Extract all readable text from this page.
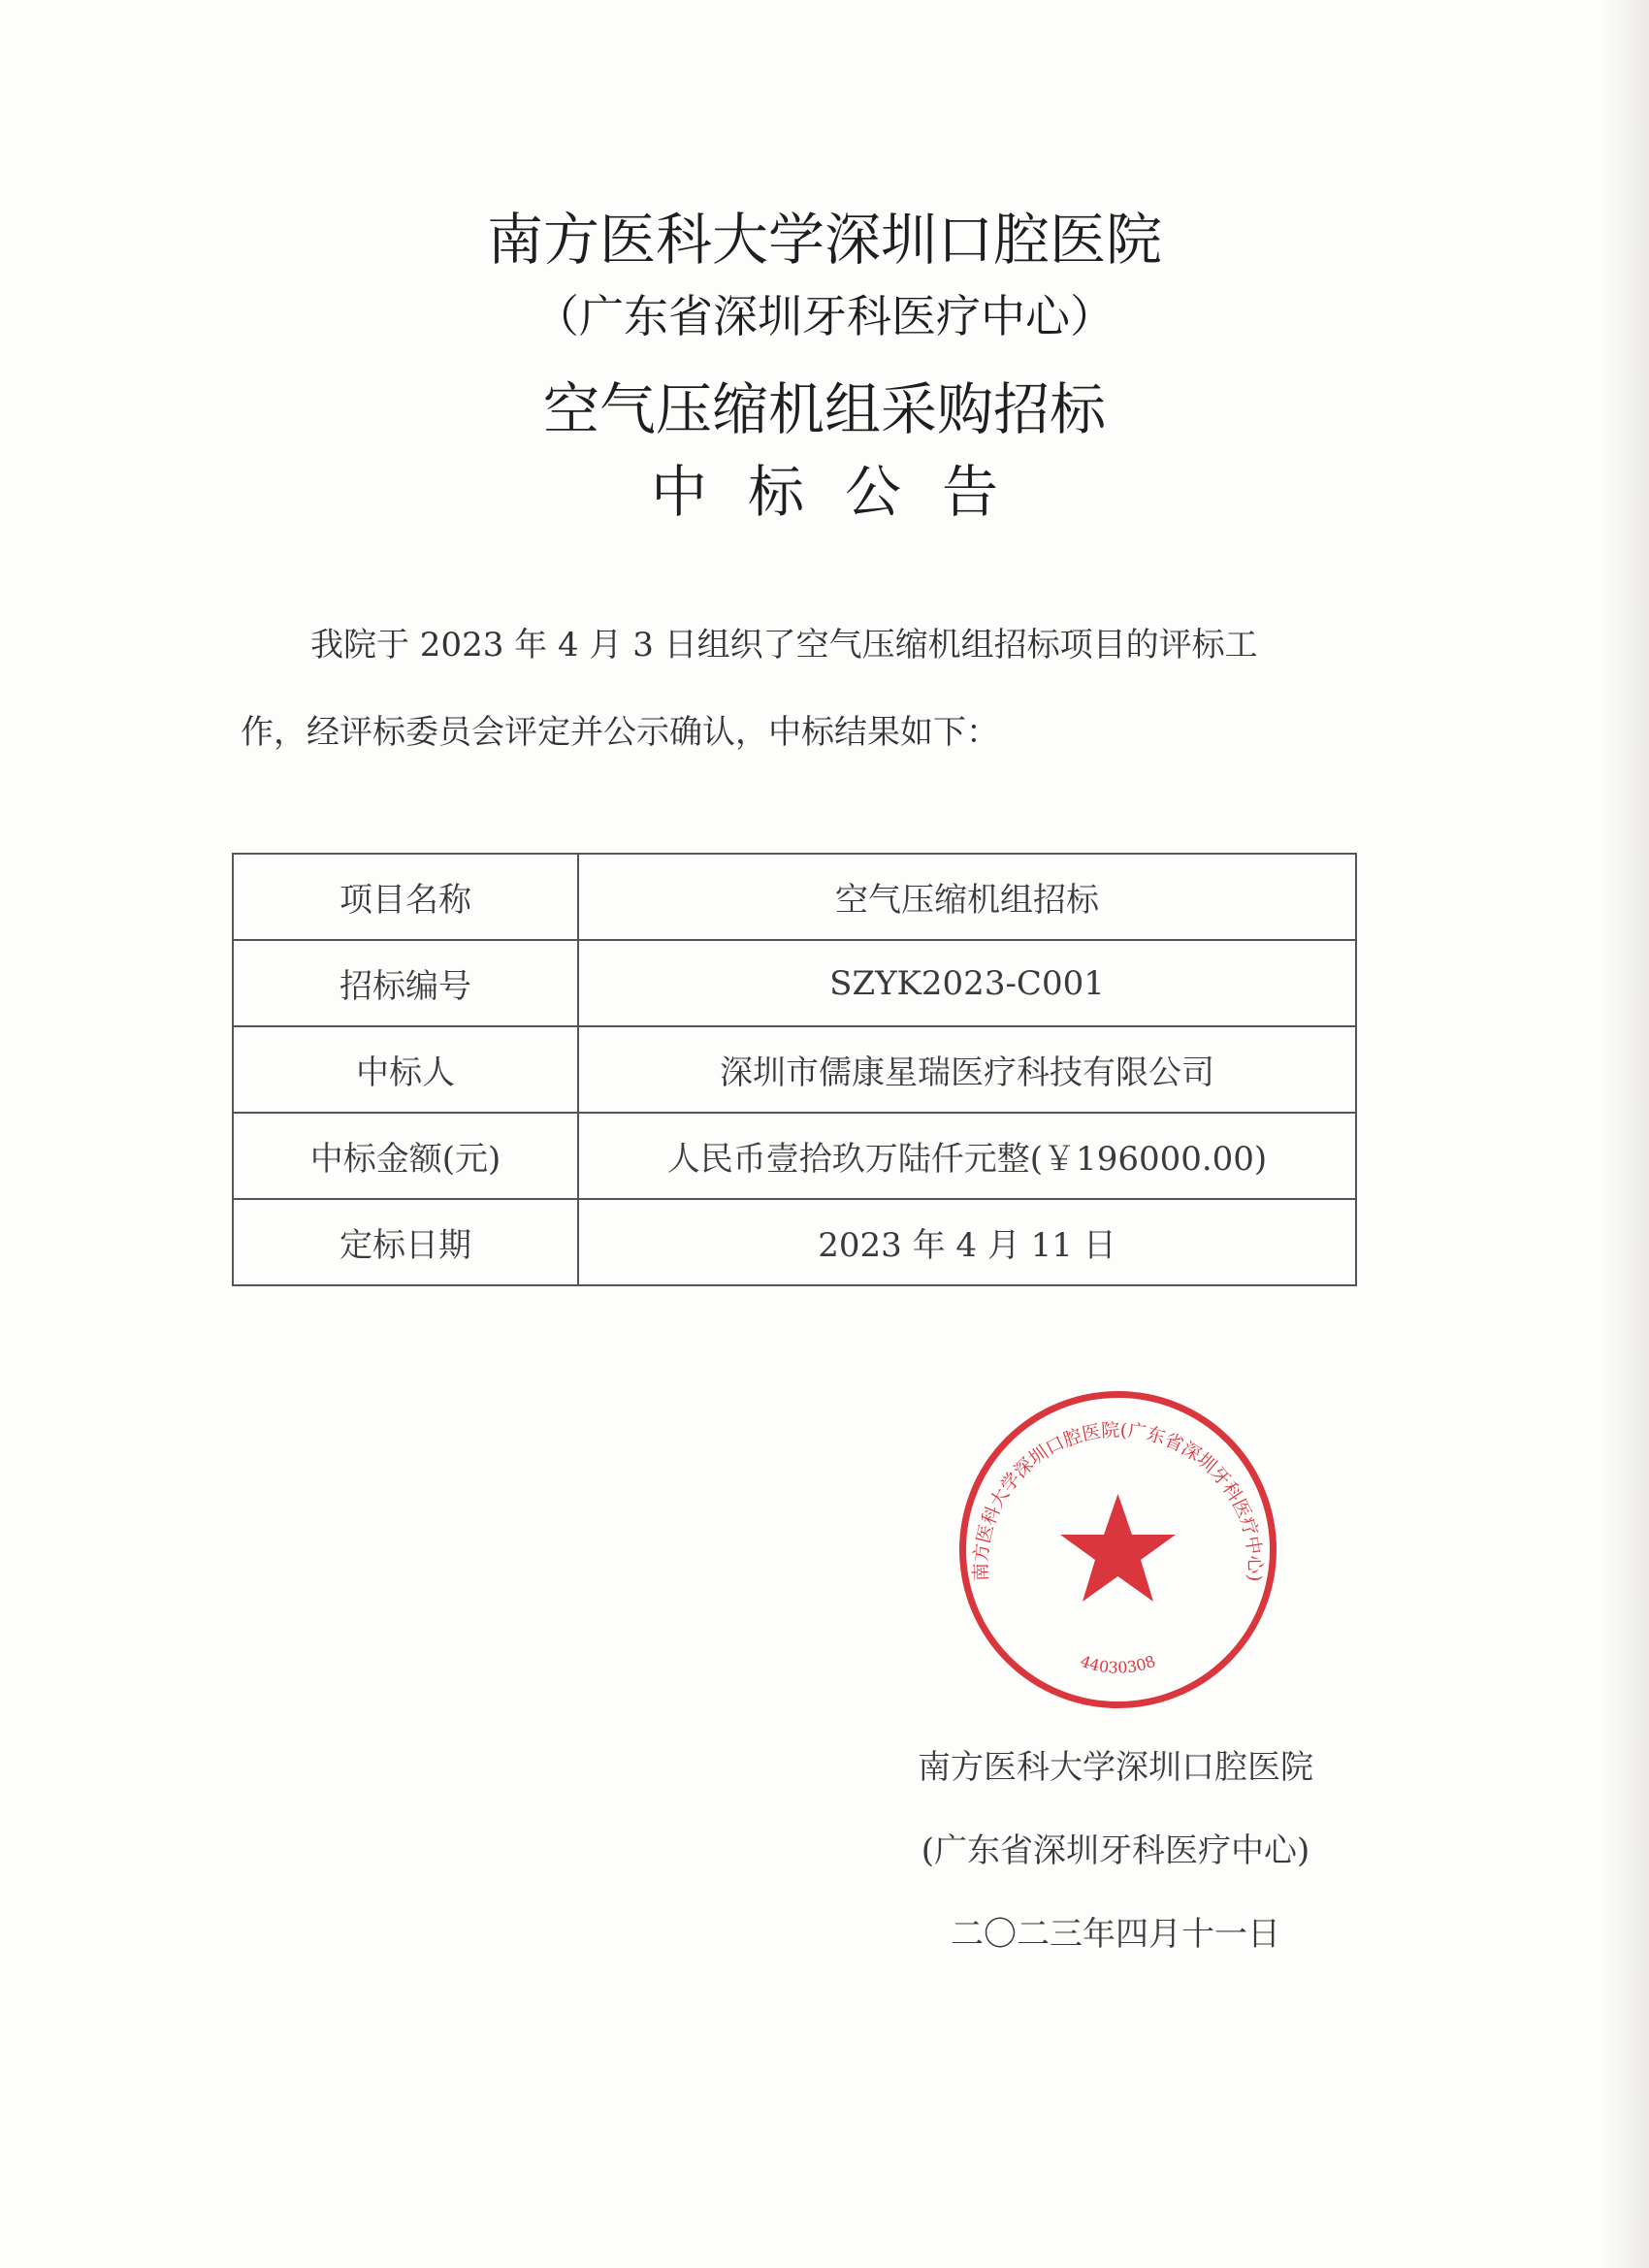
南方医科大学深圳口腔医院
（广东省深圳牙科医疗中心）
空气压缩机组采购招标
中标公告
我院于 2023 年 4 月 3 日组织了空气压缩机组招标项目的评标工
作，经评标委员会评定并公示确认，中标结果如下：
项目名称	空气压缩机组招标
招标编号	SZYK2023-C001
中标人	深圳市儒康星瑞医疗科技有限公司
中标金额(元)	人民币壹拾玖万陆仟元整(￥196000.00)
定标日期	2023 年 4 月 11 日
南方医科大学深圳口腔医院(广东省深圳牙科医疗中心)
44030308
南方医科大学深圳口腔医院
(广东省深圳牙科医疗中心)
二〇二三年四月十一日
